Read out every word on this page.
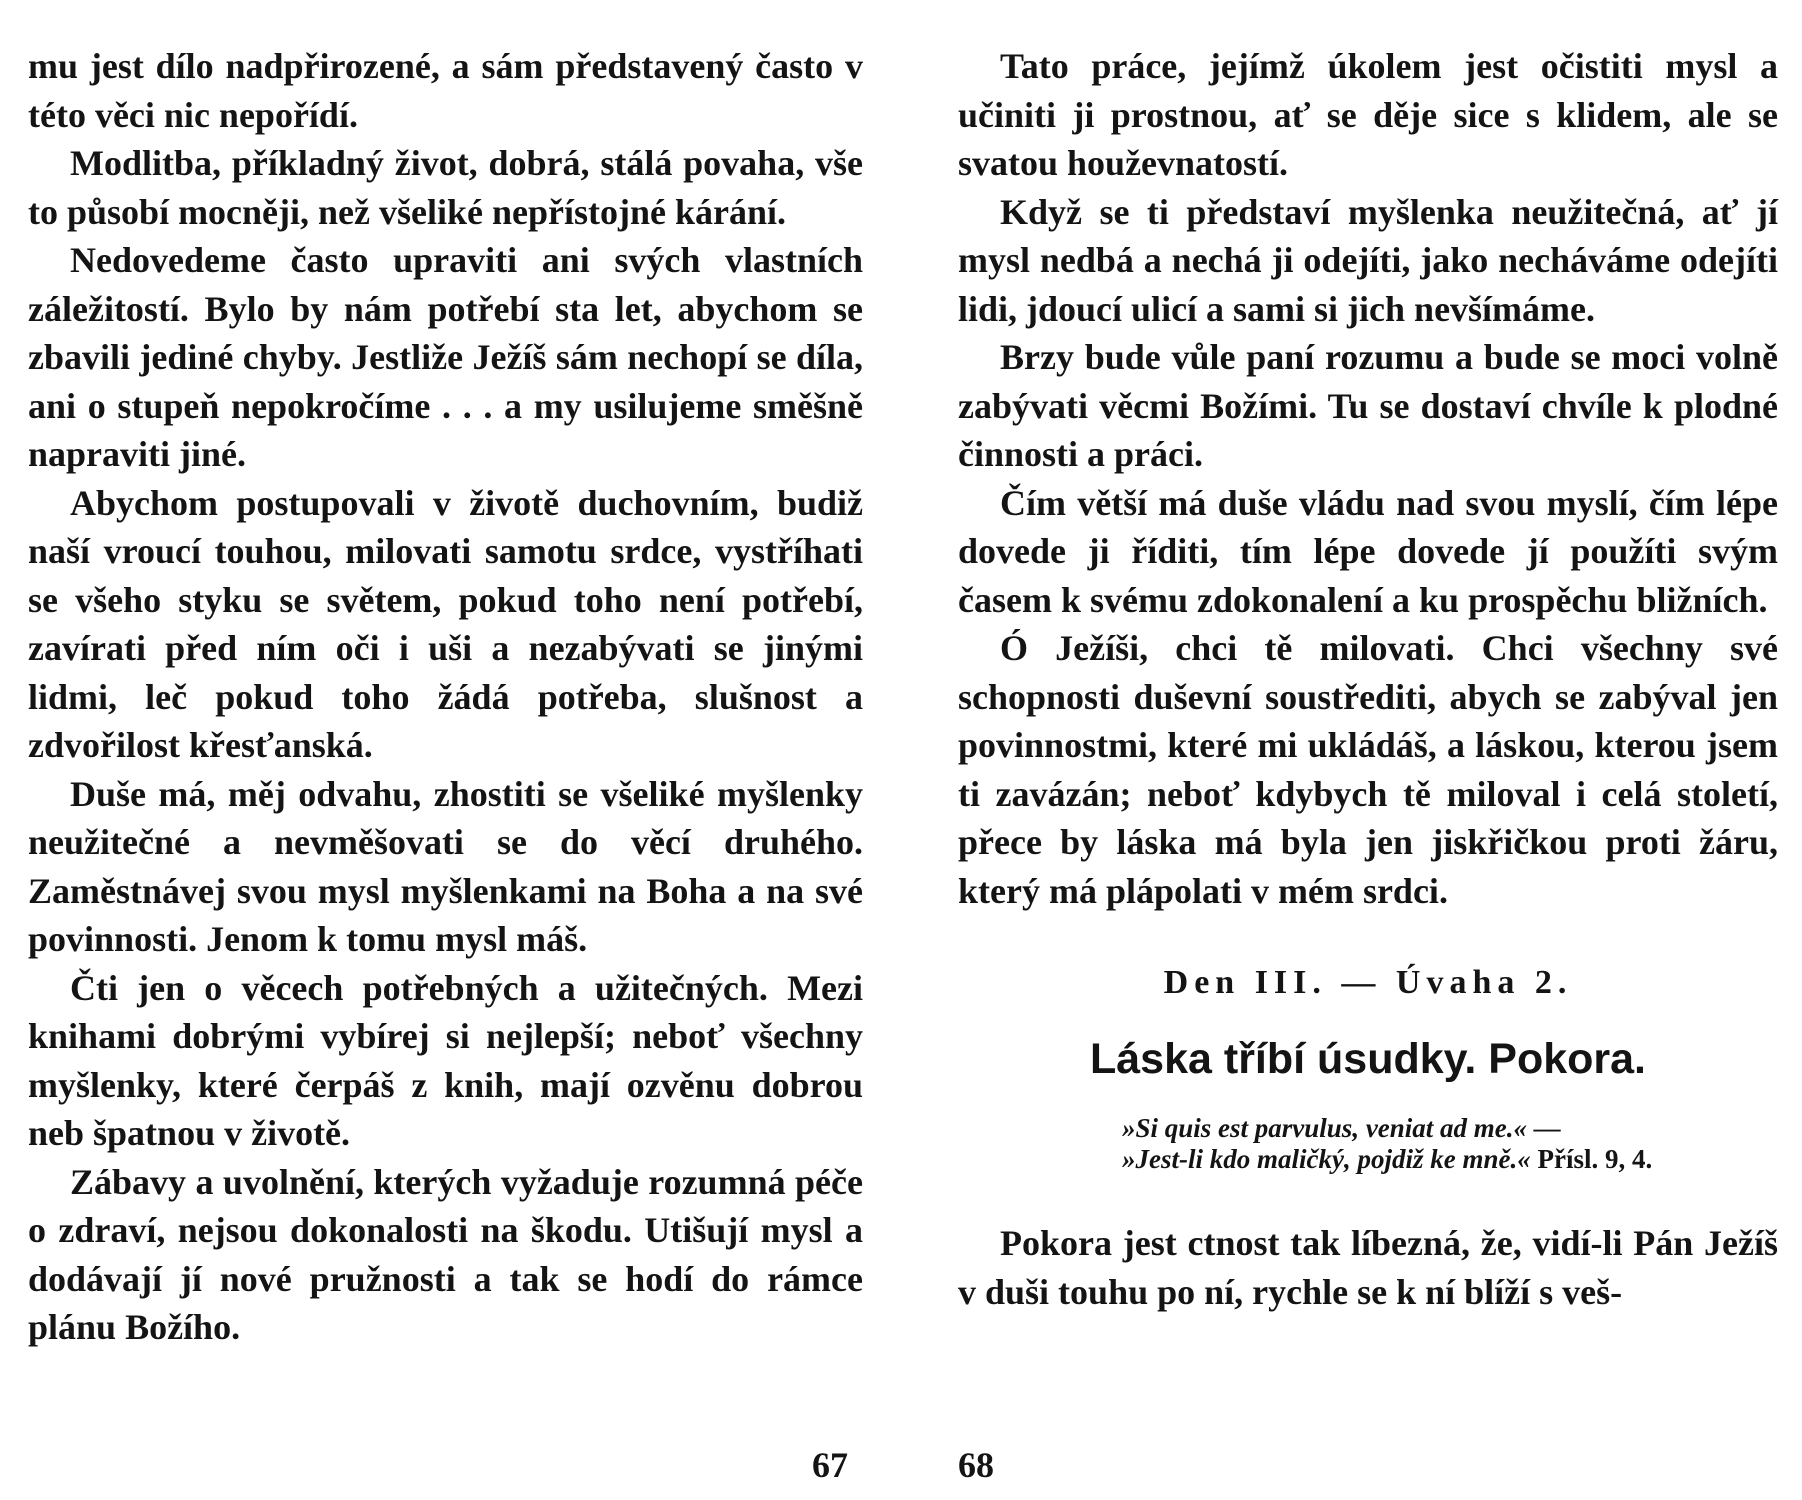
mu jest dílo nadpřirozené, a sám představený často v této věci nic nepořídí.

Modlitba, příkladný život, dobrá, stálá povaha, vše to působí mocněji, než všeliké nepřístojné kárání.

Nedovedeme často upraviti ani svých vlastních záležitostí. Bylo by nám potřebí sta let, abychom se zbavili jediné chyby. Jestliže Ježíš sám nechopí se díla, ani o stupeň nepokročíme . . . a my usilujeme směšně napraviti jiné.

Abychom postupovali v životě duchovním, budiž naší vroucí touhou, milovati samotu srdce, vystříhati se všeho styku se světem, pokud toho není potřebí, zavírati před ním oči i uši a nezabývati se jinými lidmi, leč pokud toho žádá potřeba, slušnost a zdvořilost křesťanská.

Duše má, měj odvahu, zhostiti se všeliké myšlenky neužitečné a nevměšovati se do věcí druhého. Zaměstnávej svou mysl myšlenkami na Boha a na své povinnosti. Jenom k tomu mysl máš.

Čti jen o věcech potřebných a užitečných. Mezi knihami dobrými vybírej si nejlepší; neboť všechny myšlenky, které čerpáš z knih, mají ozvěnu dobrou neb špatnou v životě.

Zábavy a uvolnění, kterých vyžaduje rozumná péče o zdraví, nejsou dokonalosti na škodu. Utišují mysl a dodávají jí nové pružnosti a tak se hodí do rámce plánu Božího.

Tato práce, jejímž úkolem jest očistiti mysl a učiniti ji prostnou, ať se děje sice s klidem, ale se svatou houževnatostí.

Když se ti představí myšlenka neužitečná, ať jí mysl nedbá a nechá ji odejíti, jako necháváme odejíti lidi, jdoucí ulicí a sami si jich nevšímáme.

Brzy bude vůle paní rozumu a bude se moci volně zabývati věcmi Božími. Tu se dostaví chvíle k plodné činnosti a práci.

Čím větší má duše vládu nad svou myslí, čím lépe dovede ji říditi, tím lépe dovede jí použíti svým časem k svému zdokonalení a ku prospěchu bližních.

Ó Ježíši, chci tě milovati. Chci všechny své schopnosti duševní soustřediti, abych se zabýval jen povinnostmi, které mi ukládáš, a láskou, kterou jsem ti zavázán; neboť kdybych tě miloval i celá století, přece by láska má byla jen jiskřičkou proti žáru, který má plápolati v mém srdci.

Den III. — Úvaha 2.
Láska tříbí úsudky. Pokora.
»Si quis est parvulus, veniat ad me.« —
»Jest-li kdo maličký, pojdiž ke mně.« Přísl. 9, 4.

Pokora jest ctnost tak líbezná, že, vidí-li Pán Ježíš v duši touhu po ní, rychle se k ní blíží s veš-

67	68
